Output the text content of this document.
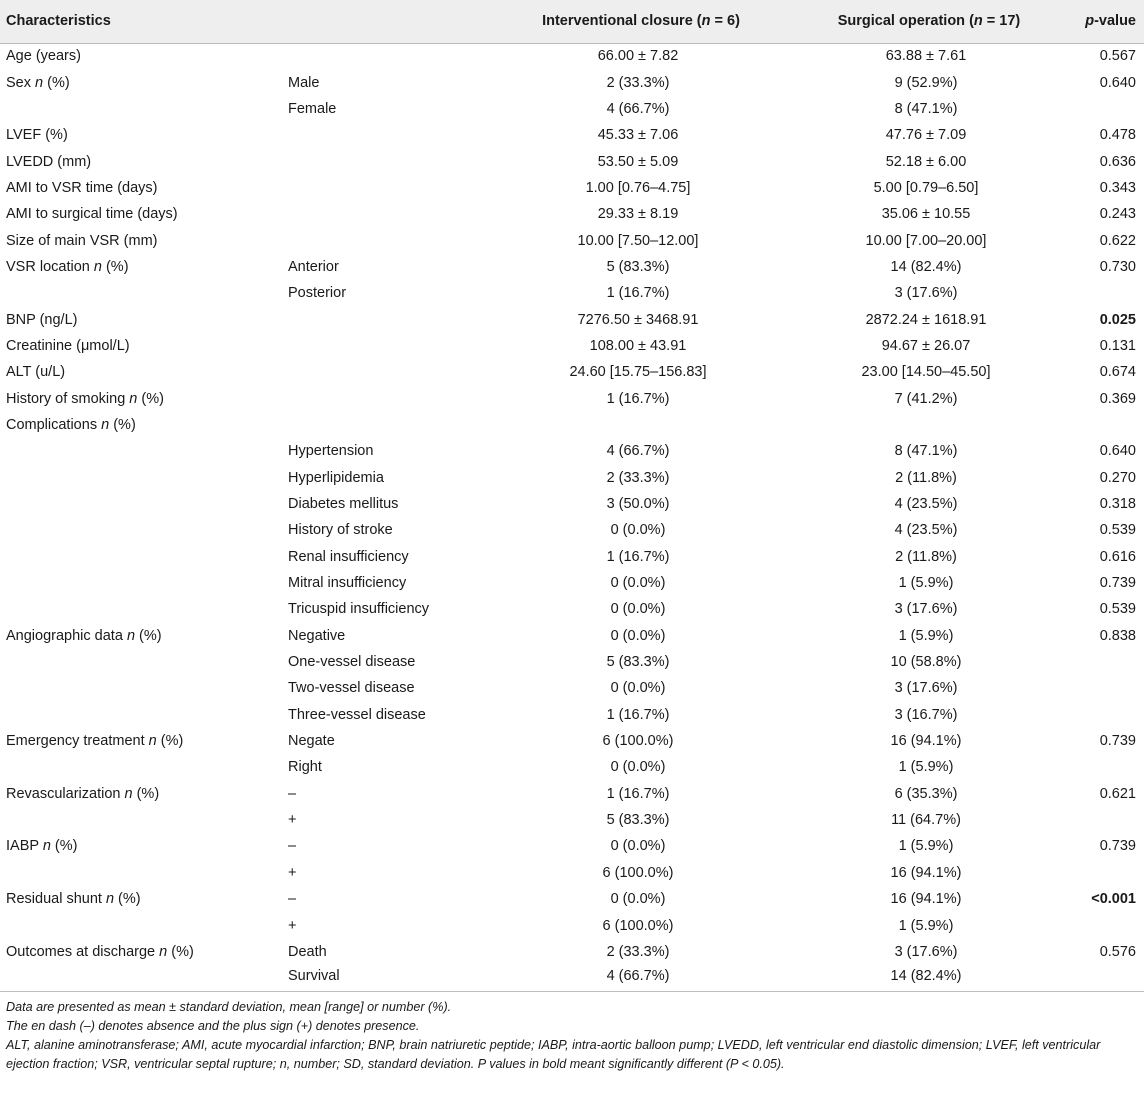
Characteristics		Interventional closure (n = 6)	Surgical operation (n = 17)	p-value
Age (years)		66.00 ± 7.82	63.88 ± 7.61	0.567
Sex n (%)	Male	2 (33.3%)	9 (52.9%)	0.640
	Female	4 (66.7%)	8 (47.1%)	
LVEF (%)		45.33 ± 7.06	47.76 ± 7.09	0.478
LVEDD (mm)		53.50 ± 5.09	52.18 ± 6.00	0.636
AMI to VSR time (days)		1.00 [0.76–4.75]	5.00 [0.79–6.50]	0.343
AMI to surgical time (days)		29.33 ± 8.19	35.06 ± 10.55	0.243
Size of main VSR (mm)		10.00 [7.50–12.00]	10.00 [7.00–20.00]	0.622
VSR location n (%)	Anterior	5 (83.3%)	14 (82.4%)	0.730
	Posterior	1 (16.7%)	3 (17.6%)	
BNP (ng/L)		7276.50 ± 3468.91	2872.24 ± 1618.91	0.025
Creatinine (μmol/L)		108.00 ± 43.91	94.67 ± 26.07	0.131
ALT (u/L)		24.60 [15.75–156.83]	23.00 [14.50–45.50]	0.674
History of smoking n (%)		1 (16.7%)	7 (41.2%)	0.369
Complications n (%)				
	Hypertension	4 (66.7%)	8 (47.1%)	0.640
	Hyperlipidemia	2 (33.3%)	2 (11.8%)	0.270
	Diabetes mellitus	3 (50.0%)	4 (23.5%)	0.318
	History of stroke	0 (0.0%)	4 (23.5%)	0.539
	Renal insufficiency	1 (16.7%)	2 (11.8%)	0.616
	Mitral insufficiency	0 (0.0%)	1 (5.9%)	0.739
	Tricuspid insufficiency	0 (0.0%)	3 (17.6%)	0.539
Angiographic data n (%)	Negative	0 (0.0%)	1 (5.9%)	0.838
	One-vessel disease	5 (83.3%)	10 (58.8%)	
	Two-vessel disease	0 (0.0%)	3 (17.6%)	
	Three-vessel disease	1 (16.7%)	3 (16.7%)	
Emergency treatment n (%)	Negate	6 (100.0%)	16 (94.1%)	0.739
	Right	0 (0.0%)	1 (5.9%)	
Revascularization n (%)	–	1 (16.7%)	6 (35.3%)	0.621
	+	5 (83.3%)	11 (64.7%)	
IABP n (%)	–	0 (0.0%)	1 (5.9%)	0.739
	+	6 (100.0%)	16 (94.1%)	
Residual shunt n (%)	–	0 (0.0%)	16 (94.1%)	<0.001
	+	6 (100.0%)	1 (5.9%)	
Outcomes at discharge n (%)	Death	2 (33.3%)	3 (17.6%)	0.576
	Survival	4 (66.7%)	14 (82.4%)	
Data are presented as mean ± standard deviation, mean [range] or number (%).
The en dash (–) denotes absence and the plus sign (+) denotes presence.
ALT, alanine aminotransferase; AMI, acute myocardial infarction; BNP, brain natriuretic peptide; IABP, intra-aortic balloon pump; LVEDD, left ventricular end diastolic dimension; LVEF, left ventricular ejection fraction; VSR, ventricular septal rupture; n, number; SD, standard deviation. P values in bold meant significantly different (P < 0.05).
